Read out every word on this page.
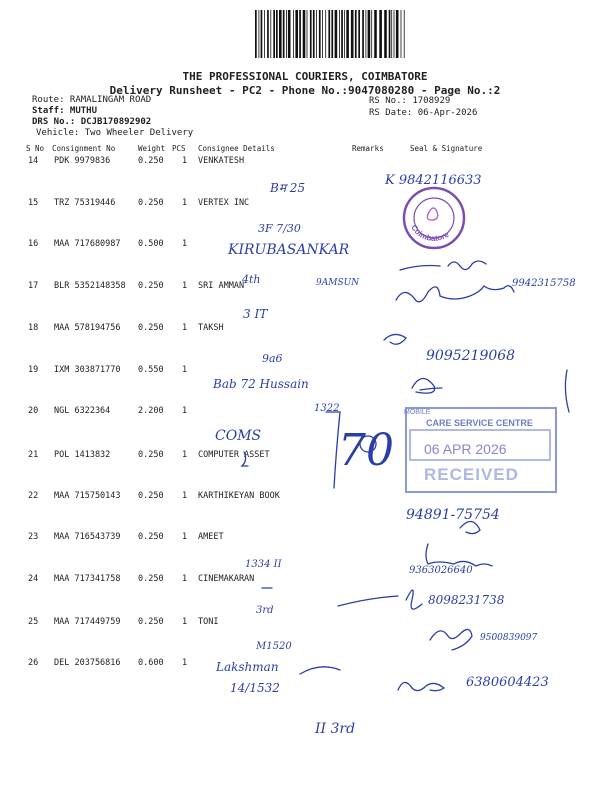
THE PROFESSIONAL COURIERS, COIMBATORE
Delivery Runsheet - PC2 - Phone No.:9047080280 - Page No.:2
Route: RAMALINGAM ROAD
Staff: MUTHU
DRS No.: DCJB170892902
Vehicle: Two Wheeler Delivery
RS No.: 1708929
RS Date: 06-Apr-2026
S No Consignment No	Weight PCS Consignee Details	Remarks	Seal & Signature
14 PDK 9979836	0.250 1 VENKATESH
15 TRZ 75319446	0.250 1 VERTEX INC
16 MAA 717680987 0.500 1
17 BLR 5352148358 0.250 1 SRI AMMAN
18 MAA 578194756 0.250 1 TAKSH
19 IXM 303871770 0.550 1
20 NGL 6322364	2.200 1
21 POL 1413832	0.250 1 COMPUTER ASSET
22 MAA 715750143 0.250 1 KARTHIKEYAN BOOK
23 MAA 716543739 0.250 1 AMEET
24 MAA 717341758 0.250 1 CINEMAKARAN
25 MAA 717449759 0.250 1 TONI
26 DEL 203756816 0.600 1
Coimbatore
MOBILE
CARE SERVICE CENTRE
06 APR 2026
RECEIVED
Bम 25	K 9842116633
3F 7/30
KIRUBASANKAR
4th	9AMSUN	9942315758
3 IT
9a6	9095219068
Bab 72 Hussain
1322
COMS 70
94891-75754
1334 II
9363026640
3rd
8098231738
M1520
9500839097
Lakshman
14/1532	6380604423
II 3rd
